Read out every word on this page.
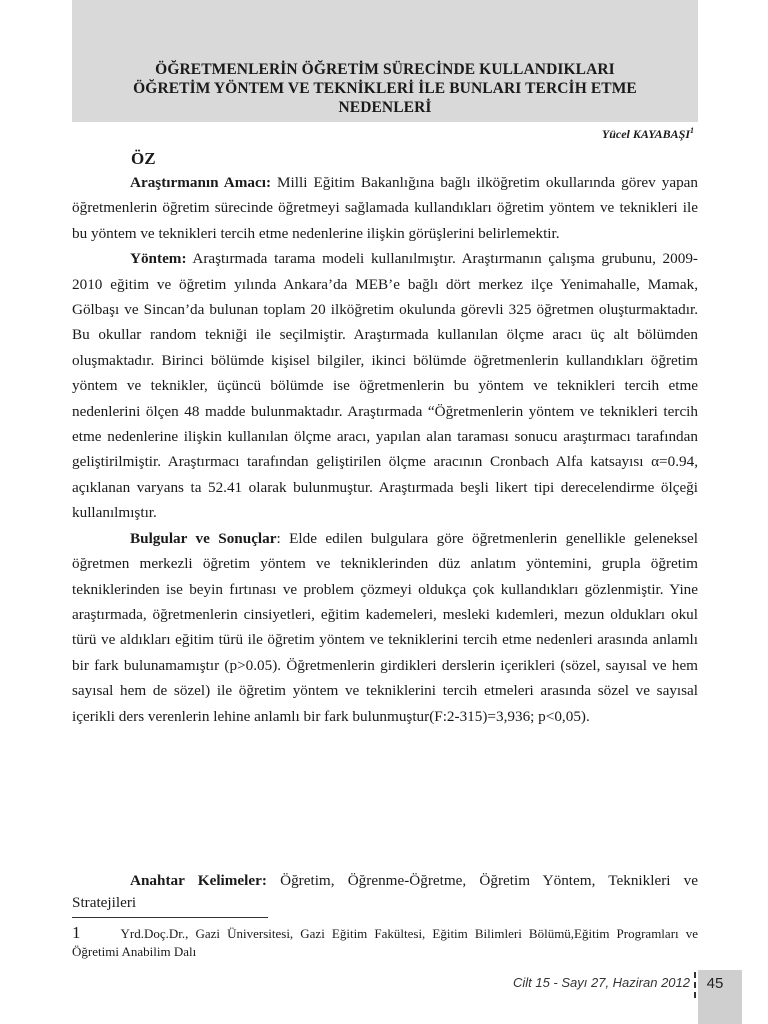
ÖĞRETMENLERİN ÖĞRETİM SÜRECİNDE KULLANDIKLARI
ÖĞRETİM YÖNTEM VE TEKNİKLERİ İLE BUNLARI TERCİH ETME
NEDENLERİ
Yücel KAYABAŞI$^1$
ÖZ

Araştırmanın Amacı: Milli Eğitim Bakanlığına bağlı ilköğretim okullarında görev yapan öğretmenlerin öğretim sürecinde öğretmeyi sağlamada kullandıkları öğretim yöntem ve teknikleri ile bu yöntem ve teknikleri tercih etme nedenlerine ilişkin görüşlerini belirlemektir.

Yöntem: Araştırmada tarama modeli kullanılmıştır. Araştırmanın çalışma grubunu, 2009-2010 eğitim ve öğretim yılında Ankara’da MEB’e bağlı dört merkez ilçe Yenimahalle, Mamak, Gölbaşı ve Sincan’da bulunan toplam 20 ilköğretim okulunda görevli 325 öğretmen oluşturmaktadır. Bu okullar random tekniği ile seçilmiştir. Araştırmada kullanılan ölçme aracı üç alt bölümden oluşmaktadır. Birinci bölümde kişisel bilgiler, ikinci bölümde öğretmenlerin kullandıkları öğretim yöntem ve teknikler, üçüncü bölümde ise öğretmenlerin bu yöntem ve teknikleri tercih etme nedenlerini ölçen 48 madde bulunmaktadır. Araştırmada “Öğretmenlerin yöntem ve teknikleri tercih etme nedenlerine ilişkin kullanılan ölçme aracı, yapılan alan taraması sonucu araştırmacı tarafından geliştirilmiştir. Araştırmacı tarafından geliştirilen ölçme aracının Cronbach Alfa katsayısı α=0.94, açıklanan varyans ta 52.41 olarak bulunmuştur. Araştırmada beşli likert tipi derecelendirme ölçeği kullanılmıştır.

Bulgular ve Sonuçlar: Elde edilen bulgulara göre öğretmenlerin genellikle geleneksel öğretmen merkezli öğretim yöntem ve tekniklerinden düz anlatım yöntemini, grupla öğretim tekniklerinden ise beyin fırtınası ve problem çözmeyi oldukça çok kullandıkları gözlenmiştir. Yine araştırmada, öğretmenlerin cinsiyetleri, eğitim kademeleri, mesleki kıdemleri, mezun oldukları okul türü ve aldıkları eğitim türü ile öğretim yöntem ve tekniklerini tercih etme nedenleri arasında anlamlı bir fark bulunamamıştır (p>0.05). Öğretmenlerin girdikleri derslerin içerikleri (sözel, sayısal ve hem sayısal hem de sözel) ile öğretim yöntem ve tekniklerini tercih etmeleri arasında sözel ve sayısal içerikli ders verenlerin lehine anlamlı bir fark bulunmuştur(F:2-315)=3,936; p<0,05).

Anahtar Kelimeler: Öğretim, Öğrenme-Öğretme, Öğretim Yöntem, Teknikleri ve Stratejileri
1	Yrd.Doç.Dr., Gazi Üniversitesi, Gazi Eğitim Fakültesi, Eğitim Bilimleri Bölümü,Eğitim Programları ve Öğretimi Anabilim Dalı
Cilt 15 - Sayı 27, Haziran 2012	45
